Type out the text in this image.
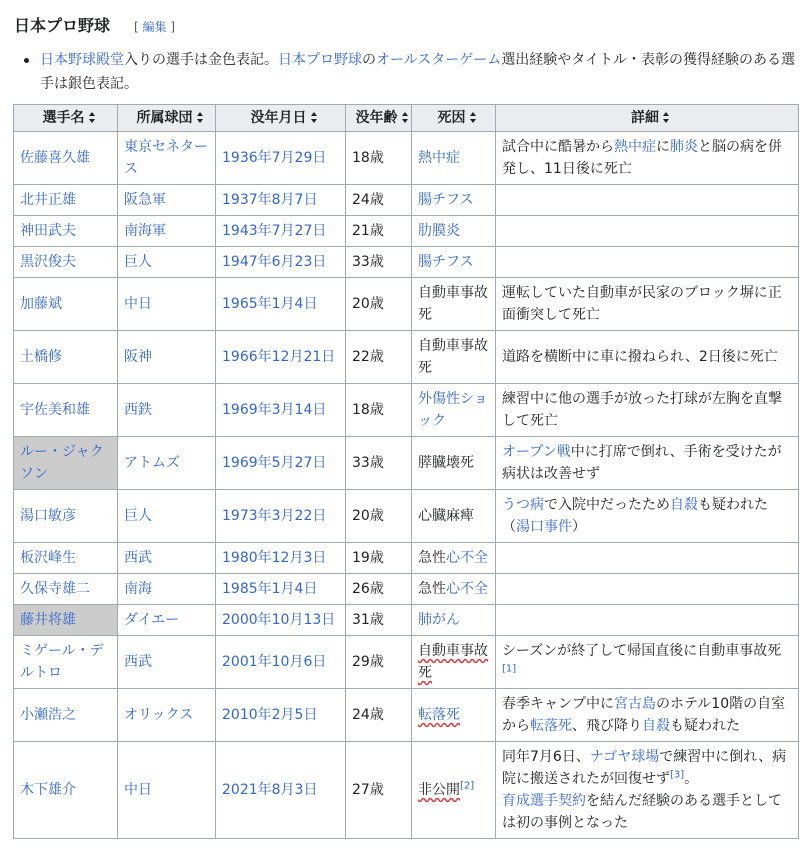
日本プロ野球 [ 編集 ]
日本野球殿堂入りの選手は金色表記。日本プロ野球のオールスターゲーム選出経験やタイトル・表彰の獲得経験のある選手は銀色表記。
選手名	所属球団	没年月日	没年齢	死因	詳細
佐藤喜久雄	東京セネタース	1936年7月29日	18歳	熱中症	試合中に酷暑から熱中症に肺炎と脳の病を併発し、11日後に死亡
北井正雄	阪急軍	1937年8月7日	24歳	腸チフス	
神田武夫	南海軍	1943年7月27日	21歳	肋膜炎	
黒沢俊夫	巨人	1947年6月23日	33歳	腸チフス	
加藤斌	中日	1965年1月4日	20歳	自動車事故死	運転していた自動車が民家のブロック塀に正面衝突して死亡
土橋修	阪神	1966年12月21日	22歳	自動車事故死	道路を横断中に車に撥ねられ、2日後に死亡
宇佐美和雄	西鉄	1969年3月14日	18歳	外傷性ショック	練習中に他の選手が放った打球が左胸を直撃して死亡
ルー・ジャクソン	アトムズ	1969年5月27日	33歳	膵臓壊死	オープン戦中に打席で倒れ、手術を受けたが病状は改善せず
湯口敏彦	巨人	1973年3月22日	20歳	心臓麻痺	うつ病で入院中だったため自殺も疑われた（湯口事件）
板沢峰生	西武	1980年12月3日	19歳	急性心不全	
久保寺雄二	南海	1985年1月4日	26歳	急性心不全	
藤井将雄	ダイエー	2000年10月13日	31歳	肺がん	
ミゲール・デルトロ	西武	2001年10月6日	29歳	自動車事故死	シーズンが終了して帰国直後に自動車事故死[1]
小瀬浩之	オリックス	2010年2月5日	24歳	転落死	春季キャンプ中に宮古島のホテル10階の自室から転落死、飛び降り自殺も疑われた
木下雄介	中日	2021年8月3日	27歳	非公開[2]	同年7月6日、ナゴヤ球場で練習中に倒れ、病院に搬送されたが回復せず[3]。
育成選手契約を結んだ経験のある選手としては初の事例となった
